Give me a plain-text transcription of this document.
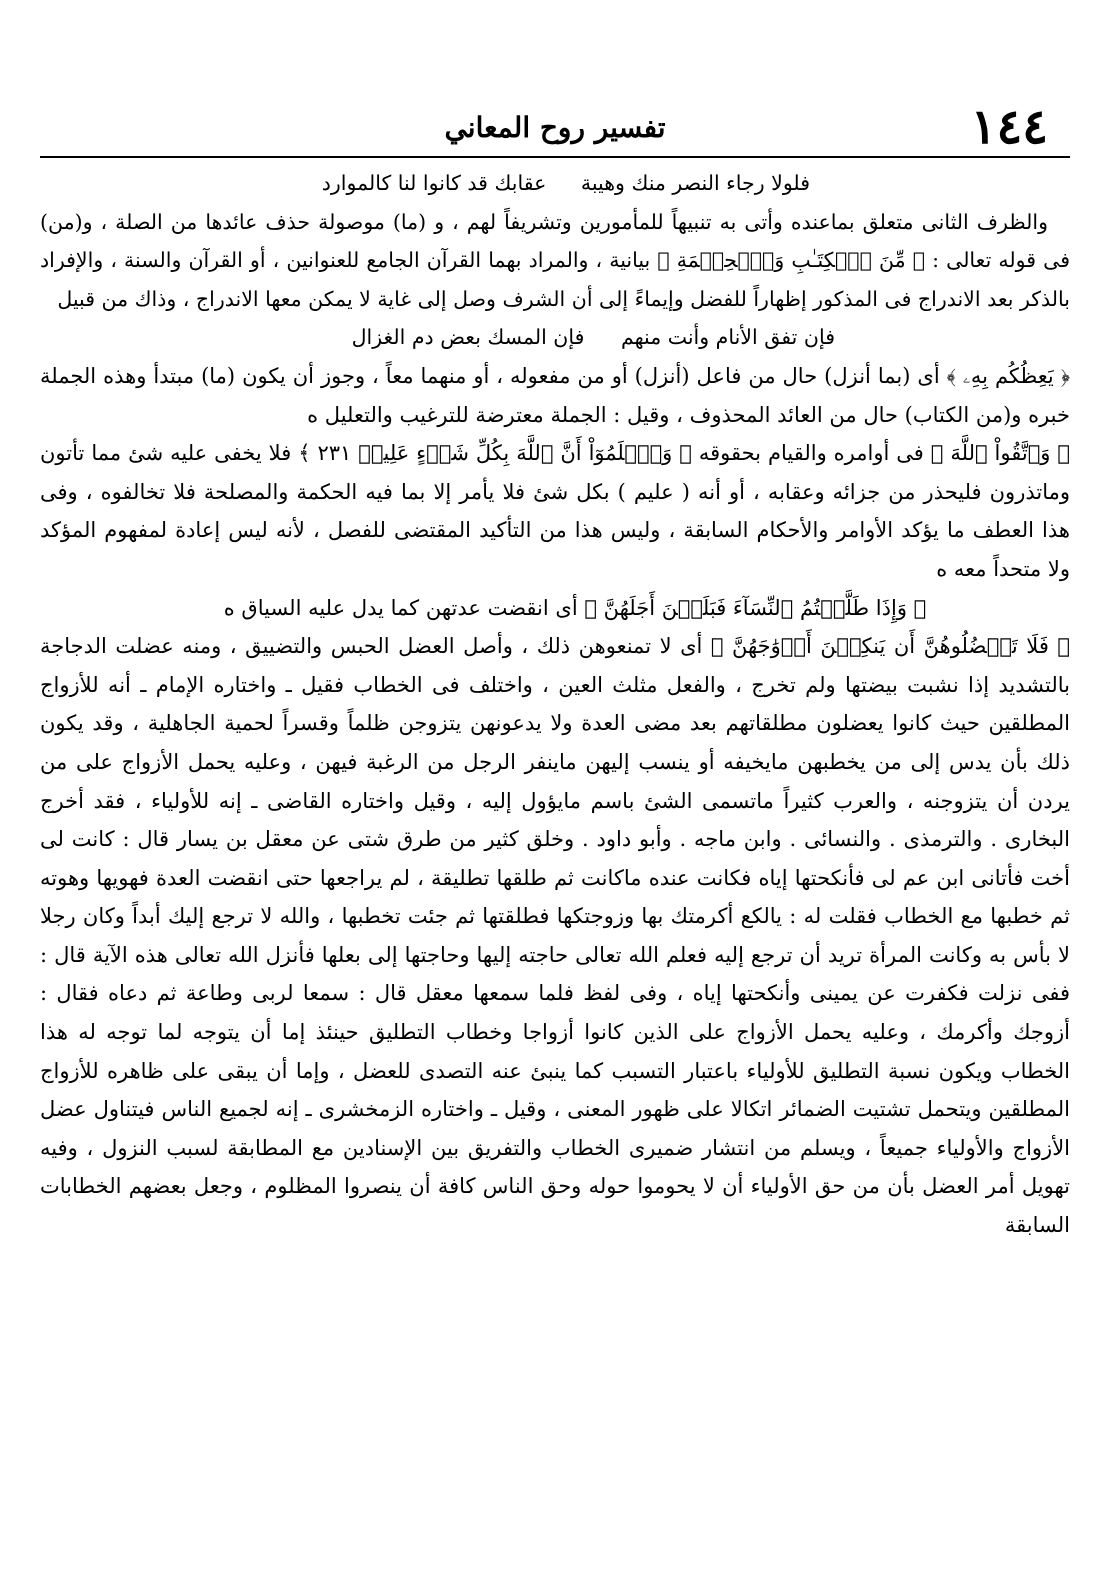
١٤٤
تفسير روح المعاني
فلولا رجاء النصر منك وهيبة عقابك قد كانوا لنا كالموارد

والظرف الثانى متعلق بماعنده وأتى به تنبيهاً للمأمورين وتشريفاً لهم ، و (ما) موصولة حذف عائدها من الصلة ، و(من) فى قوله تعالى : ﴿ مِّنَ ٱلۡكِتَـٰبِ وَٱلۡحِكۡمَةِ ﴾ بيانية ، والمراد بهما القرآن الجامع للعنوانين ، أو القرآن والسنة ، والإفراد بالذكر بعد الاندراج فى المذكور إظهاراً للفضل وإيماءً إلى أن الشرف وصل إلى غاية لا يمكن معها الاندراج ، وذاك من قبيل

فإن تفق الأنام وأنت منهم فإن المسك بعض دم الغزال

﴿ يَعِظُكُم بِهِۦ ﴾ أى (بما أنزل) حال من فاعل (أنزل) أو من مفعوله ، أو منهما معاً ، وجوز أن يكون (ما) مبتدأ وهذه الجملة خبره و(من الكتاب) حال من العائد المحذوف ، وقيل : الجملة معترضة للترغيب والتعليل ه

﴿ وَٱتَّقُواْ ٱللَّهَ ﴾ فى أوامره والقيام بحقوقه ﴿ وَٱعۡلَمُوٓاْ أَنَّ ٱللَّهَ بِكُلِّ شَىۡءٍ عَلِيمٞ ٢٣١ ﴾ فلا يخفى عليه شئ مما تأتون وماتذرون فليحذر من جزائه وعقابه ، أو أنه ( عليم ) بكل شئ فلا يأمر إلا بما فيه الحكمة والمصلحة فلا تخالفوه ، وفى هذا العطف ما يؤكد الأوامر والأحكام السابقة ، وليس هذا من التأكيد المقتضى للفصل ، لأنه ليس إعادة لمفهوم المؤكد ولا متحداً معه ه

﴿ وَإِذَا طَلَّقۡتُمُ ٱلنِّسَآءَ فَبَلَغۡنَ أَجَلَهُنَّ ﴾ أى انقضت عدتهن كما يدل عليه السياق ه

﴿ فَلَا تَعۡضُلُوهُنَّ أَن يَنكِحۡنَ أَزۡوَٰجَهُنَّ ﴾ أى لا تمنعوهن ذلك ، وأصل العضل الحبس والتضييق ، ومنه عضلت الدجاجة بالتشديد إذا نشبت بيضتها ولم تخرج ، والفعل مثلث العين ، واختلف فى الخطاب فقيل ـ واختاره الإمام ـ أنه للأزواج المطلقين حيث كانوا يعضلون مطلقاتهم بعد مضى العدة ولا يدعونهن يتزوجن ظلماً وقسراً لحمية الجاهلية ، وقد يكون ذلك بأن يدس إلى من يخطبهن مايخيفه أو ينسب إليهن ماينفر الرجل من الرغبة فيهن ، وعليه يحمل الأزواج على من يردن أن يتزوجنه ، والعرب كثيراً ماتسمى الشئ باسم مايؤول إليه ، وقيل واختاره القاضى ـ إنه للأولياء ، فقد أخرج البخارى . والترمذى . والنسائى . وابن ماجه . وأبو داود . وخلق كثير من طرق شتى عن معقل بن يسار قال : كانت لى أخت فأتانى ابن عم لى فأنكحتها إياه فكانت عنده ماكانت ثم طلقها تطليقة ، لم يراجعها حتى انقضت العدة فهويها وهوته ثم خطبها مع الخطاب فقلت له : يالكع أكرمتك بها وزوجتكها فطلقتها ثم جئت تخطبها ، والله لا ترجع إليك أبداً وكان رجلا لا بأس به وكانت المرأة تريد أن ترجع إليه فعلم الله تعالى حاجته إليها وحاجتها إلى بعلها فأنزل الله تعالى هذه الآية قال : ففى نزلت فكفرت عن يمينى وأنكحتها إياه ، وفى لفظ فلما سمعها معقل قال : سمعا لربى وطاعة ثم دعاه فقال : أزوجك وأكرمك ، وعليه يحمل الأزواج على الذين كانوا أزواجا وخطاب التطليق حينئذ إما أن يتوجه لما توجه له هذا الخطاب ويكون نسبة التطليق للأولياء باعتبار التسبب كما ينبئ عنه التصدى للعضل ، وإما أن يبقى على ظاهره للأزواج المطلقين ويتحمل تشتيت الضمائر اتكالا على ظهور المعنى ، وقيل ـ واختاره الزمخشرى ـ إنه لجميع الناس فيتناول عضل الأزواج والأولياء جميعاً ، ويسلم من انتشار ضميرى الخطاب والتفريق بين الإسنادين مع المطابقة لسبب النزول ، وفيه تهويل أمر العضل بأن من حق الأولياء أن لا يحوموا حوله وحق الناس كافة أن ينصروا المظلوم ، وجعل بعضهم الخطابات السابقة
